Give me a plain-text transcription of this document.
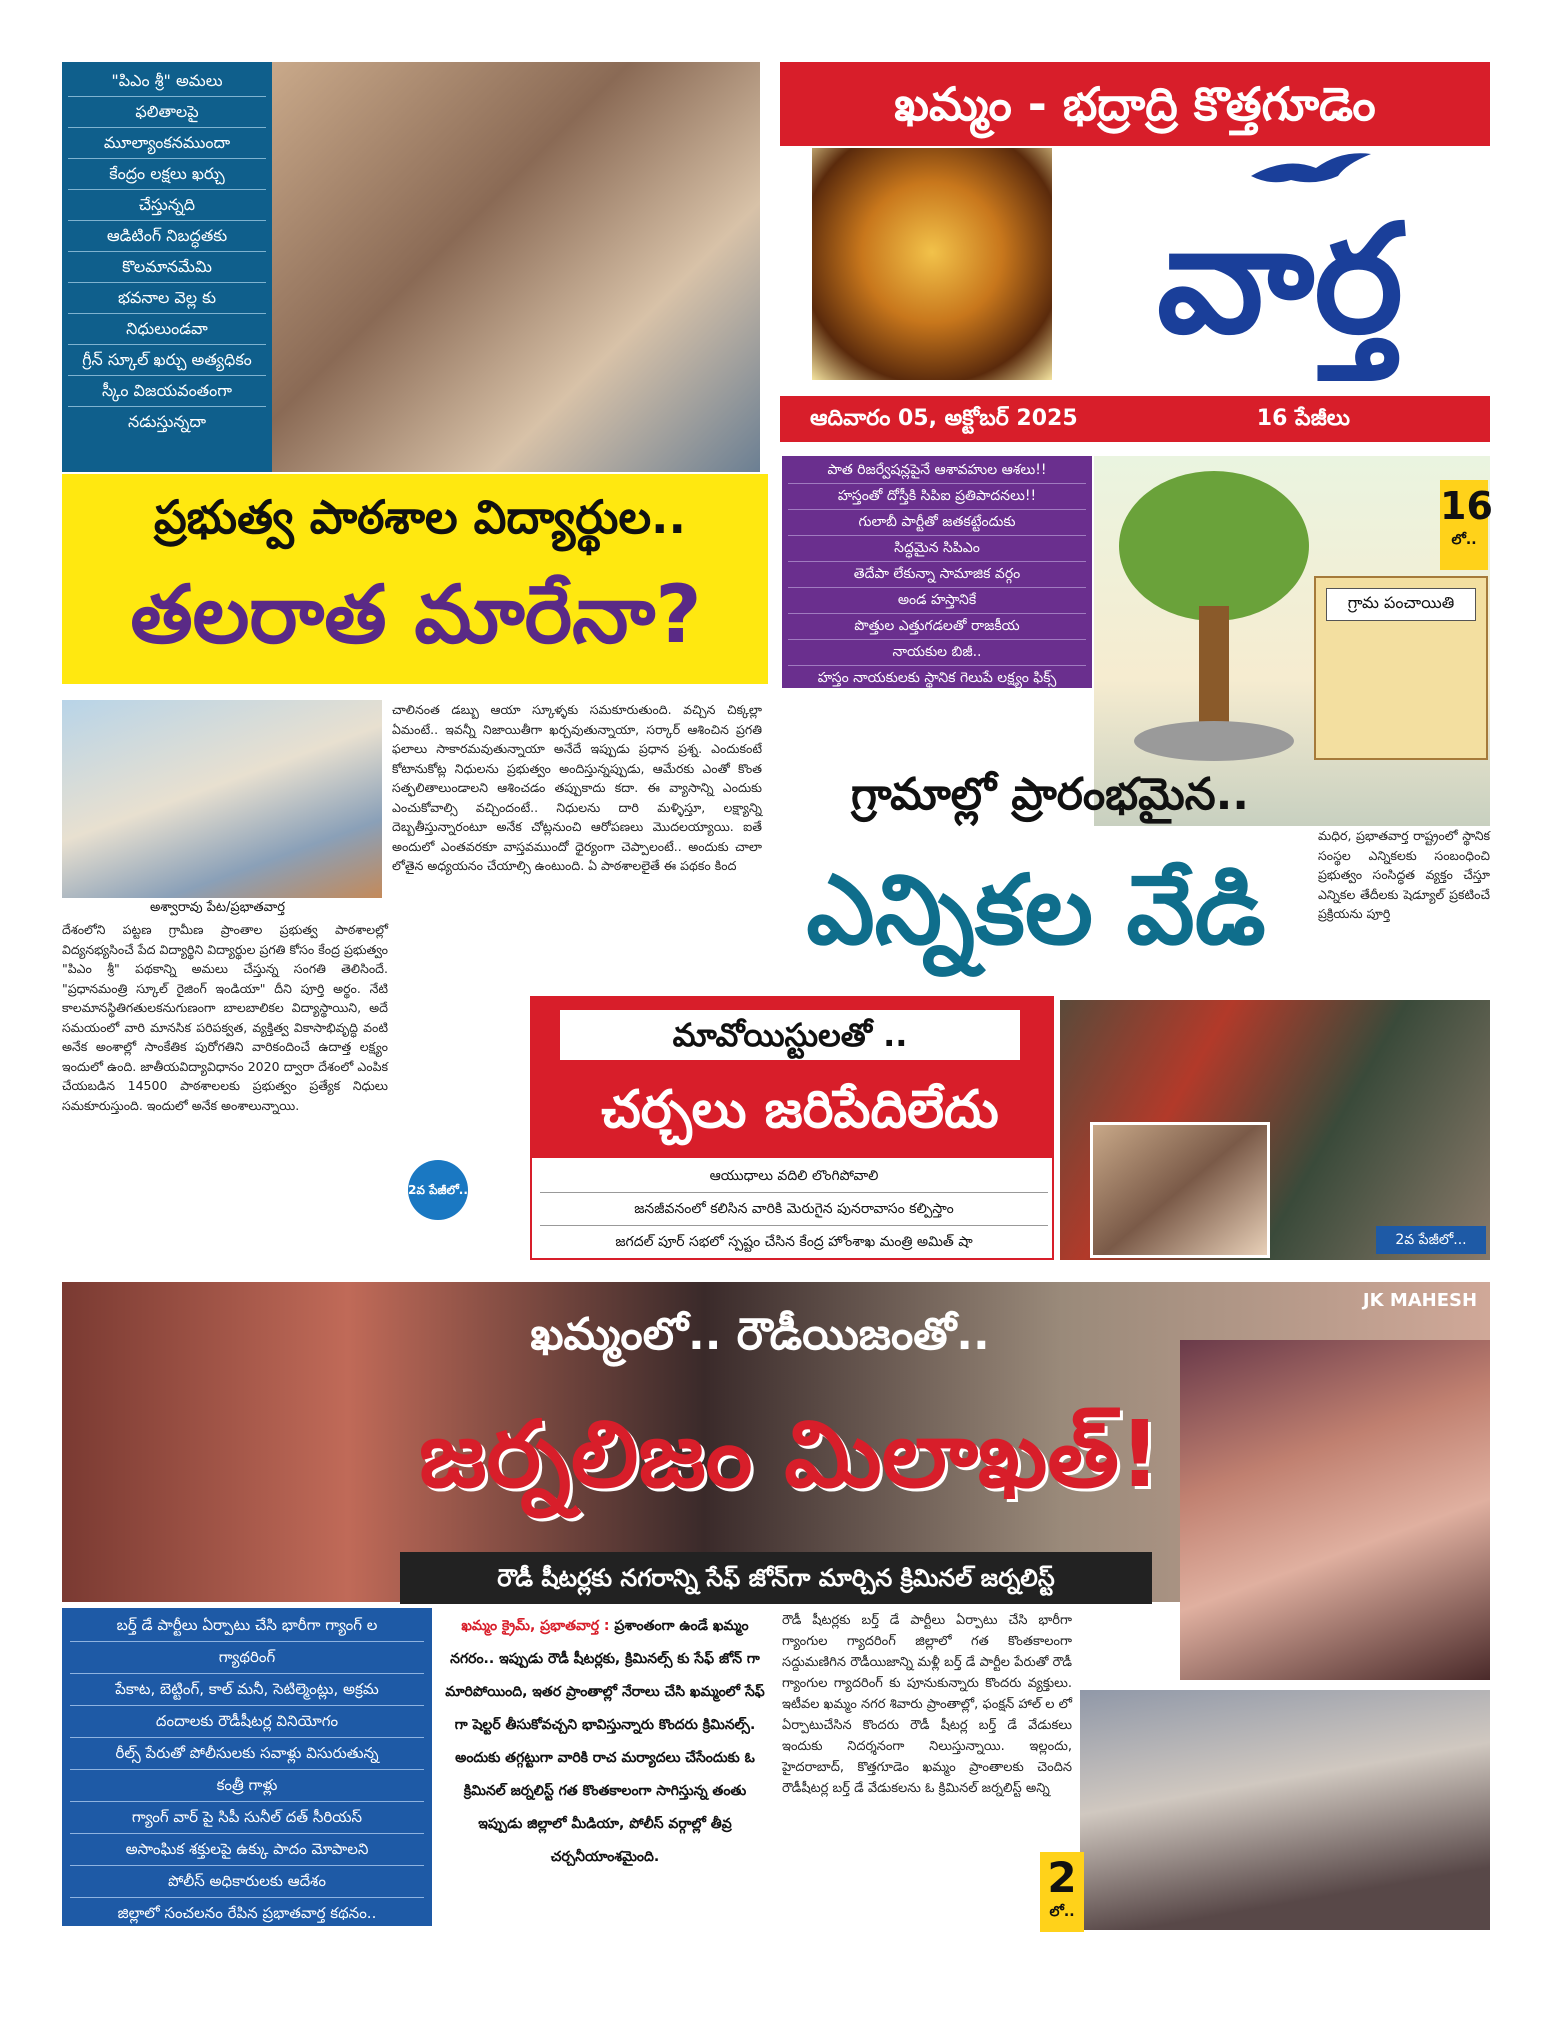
"పిఎం శ్రీ" అమలు
ఫలితాలపై
మూల్యాంకనముందా
కేంద్రం లక్షలు ఖర్చు
చేస్తున్నది
ఆడిటింగ్ నిబద్ధతకు
కొలమానమేమి
భవనాల వెల్ల కు
నిధులుండవా
గ్రీన్ స్కూల్ ఖర్చు అత్యధికం
స్కీం విజయవంతంగా
నడుస్తున్నదా
ఖమ్మం - భద్రాద్రి కొత్తగూడెం
వార్త
ఆదివారం 05, అక్టోబర్ 2025	16 పేజీలు
ప్రభుత్వ పాఠశాల విద్యార్థుల..
తలరాత మారేనా?
అశ్వారావు పేట/ప్రభాతవార్త
దేశంలోని పట్టణ గ్రామీణ ప్రాంతాల ప్రభుత్వ పాఠశాలల్లో విద్యనభ్యసించే పేద విద్యార్థిని విద్యార్థుల ప్రగతి కోసం కేంద్ర ప్రభుత్వం "పిఎం శ్రీ" పథకాన్ని అమలు చేస్తున్న సంగతి తెలిసిందే. "ప్రధానమంత్రి స్కూల్ రైజింగ్ ఇండియా" దీని పూర్తి అర్థం. నేటి కాలమానస్థితిగతులకనుగుణంగా బాలబాలికల విద్యాస్థాయిని, అదే సమయంలో వారి మానసిక పరిపక్వత, వ్యక్తిత్వ వికాసాభివృద్ధి వంటి అనేక అంశాల్లో సాంకేతిక పురోగతిని వారికందించే ఉదాత్త లక్ష్యం ఇందులో ఉంది. జాతీయవిద్యావిధానం 2020 ద్వారా దేశంలో ఎంపిక చేయబడిన 14500 పాఠశాలలకు ప్రభుత్వం ప్రత్యేక నిధులు సమకూరుస్తుంది. ఇందులో అనేక అంశాలున్నాయి.
చాలినంత డబ్బు ఆయా స్కూళ్ళకు సమకూరుతుంది. వచ్చిన చిక్కల్లా ఏమంటే.. ఇవన్నీ నిజాయితీగా ఖర్చవుతున్నాయా, సర్కార్ ఆశించిన ప్రగతి ఫలాలు సాకారమవుతున్నాయా అనేదే ఇప్పుడు ప్రధాన ప్రశ్న. ఎందుకంటే కోటానుకోట్ల నిధులను ప్రభుత్వం అందిస్తున్నప్పుడు, ఆమేరకు ఎంతో కొంత సత్ఫలితాలుండాలని ఆశించడం తప్పుకాదు కదా. ఈ వ్యాసాన్ని ఎందుకు ఎంచుకోవాల్సి వచ్చిందంటే.. నిధులను దారి మళ్ళిస్తూ, లక్ష్యాన్ని దెబ్బతీస్తున్నారంటూ అనేక చోట్లనుంచి ఆరోపణలు మొదలయ్యాయి. ఐతే అందులో ఎంతవరకూ వాస్తవముందో ధైర్యంగా చెప్పాలంటే.. అందుకు చాలా లోతైన అధ్యయనం చేయాల్సి ఉంటుంది. ఏ పాఠశాలలైతే ఈ పథకం కింద
2వ పేజీలో..
పాత రిజర్వేషన్లపైనే ఆశావహుల ఆశలు!!
హస్తంతో దోస్తీకి సిపిఐ ప్రతిపాదనలు!!
గులాబీ పార్టీతో జతకట్టేందుకు
సిద్ధమైన సిపిఎం
తెదేపా లేకున్నా సామాజిక వర్గం
అండ హస్తానికే
పొత్తుల ఎత్తుగడలతో రాజకీయ
నాయకుల బిజీ..
హస్తం నాయకులకు స్థానిక గెలుపే లక్ష్యం ఫిక్స్
గ్రామ పంచాయితి
16
లో..
గ్రామాల్లో ప్రారంభమైన..
ఎన్నికల వేడి
మధిర, ప్రభాతవార్త రాష్ట్రంలో స్థానిక సంస్థల ఎన్నికలకు సంబంధించి ప్రభుత్వం సంసిద్ధత వ్యక్తం చేస్తూ ఎన్నికల తేదీలకు షెడ్యూల్ ప్రకటించే ప్రక్రియను పూర్తి
మావోయిస్టులతో ..
చర్చలు జరిపేదిలేదు
ఆయుధాలు వదిలి లొంగిపోవాలి
జనజీవనంలో కలిసిన వారికి మెరుగైన పునరావాసం కల్పిస్తాం
జగదల్ పూర్ సభలో స్పష్టం చేసిన కేంద్ర హోంశాఖ మంత్రి అమిత్ షా	2వ పేజీలో...
ఖమ్మంలో.. రౌడీయిజంతో..
జర్నలిజం మిలాఖత్!
JK MAHESH
రౌడీ షీటర్లకు నగరాన్ని సేఫ్ జోన్‌గా మార్చిన క్రిమినల్ జర్నలిస్ట్
బర్త్ డే పార్టీలు ఏర్పాటు చేసి భారీగా గ్యాంగ్ ల
గ్యాథరింగ్
పేకాట, బెట్టింగ్, కాల్ మనీ, సెటిల్మెంట్లు, అక్రమ
దందాలకు రౌడీషీటర్ల వినియోగం
రీల్స్ పేరుతో పోలీసులకు సవాళ్లు విసురుతున్న
కంత్రీ గాళ్లు
గ్యాంగ్ వార్ పై సిపీ సునీల్ దత్ సీరియస్
అసాంఘిక శక్తులపై ఉక్కు పాదం మోపాలని
పోలీస్ అధికారులకు ఆదేశం
జిల్లాలో సంచలనం రేపిన ప్రభాతవార్త కథనం..
ఖమ్మం క్రైమ్, ప్రభాతవార్త : ప్రశాంతంగా ఉండే ఖమ్మం నగరం.. ఇప్పుడు రౌడీ షీటర్లకు, క్రిమినల్స్ కు సేఫ్ జోన్ గా మారిపోయింది, ఇతర ప్రాంతాల్లో నేరాలు చేసి ఖమ్మంలో సేఫ్ గా షెల్టర్ తీసుకోవచ్చని భావిస్తున్నారు కొందరు క్రిమినల్స్. అందుకు తగ్గట్టుగా వారికి రాచ మర్యాదలు చేసేందుకు ఓ క్రిమినల్ జర్నలిస్ట్ గత కొంతకాలంగా సాగిస్తున్న తంతు ఇప్పుడు జిల్లాలో మీడియా, పోలీస్ వర్గాల్లో తీవ్ర చర్చనీయాంశమైంది.
రౌడీ షీటర్లకు బర్త్ డే పార్టీలు ఏర్పాటు చేసి భారీగా గ్యాంగుల గ్యాదరింగ్ జిల్లాలో గత కొంతకాలంగా సద్దుమణిగిన రౌడీయిజాన్ని మళ్లీ బర్త్ డే పార్టీల పేరుతో రౌడీ గ్యాంగుల గ్యాదరింగ్ కు పూనుకున్నారు కొందరు వ్యక్తులు. ఇటీవల ఖమ్మం నగర శివారు ప్రాంతాల్లో, ఫంక్షన్ హాల్ ల లో ఏర్పాటుచేసిన కొందరు రౌడీ షీటర్ల బర్త్ డే వేడుకలు ఇందుకు నిదర్శనంగా నిలుస్తున్నాయి. ఇల్లందు, హైదరాబాద్, కొత్తగూడెం ఖమ్మం ప్రాంతాలకు చెందిన రౌడీషీటర్ల బర్త్ డే వేడుకలను ఓ క్రిమినల్ జర్నలిస్ట్ అన్ని
2
లో..
